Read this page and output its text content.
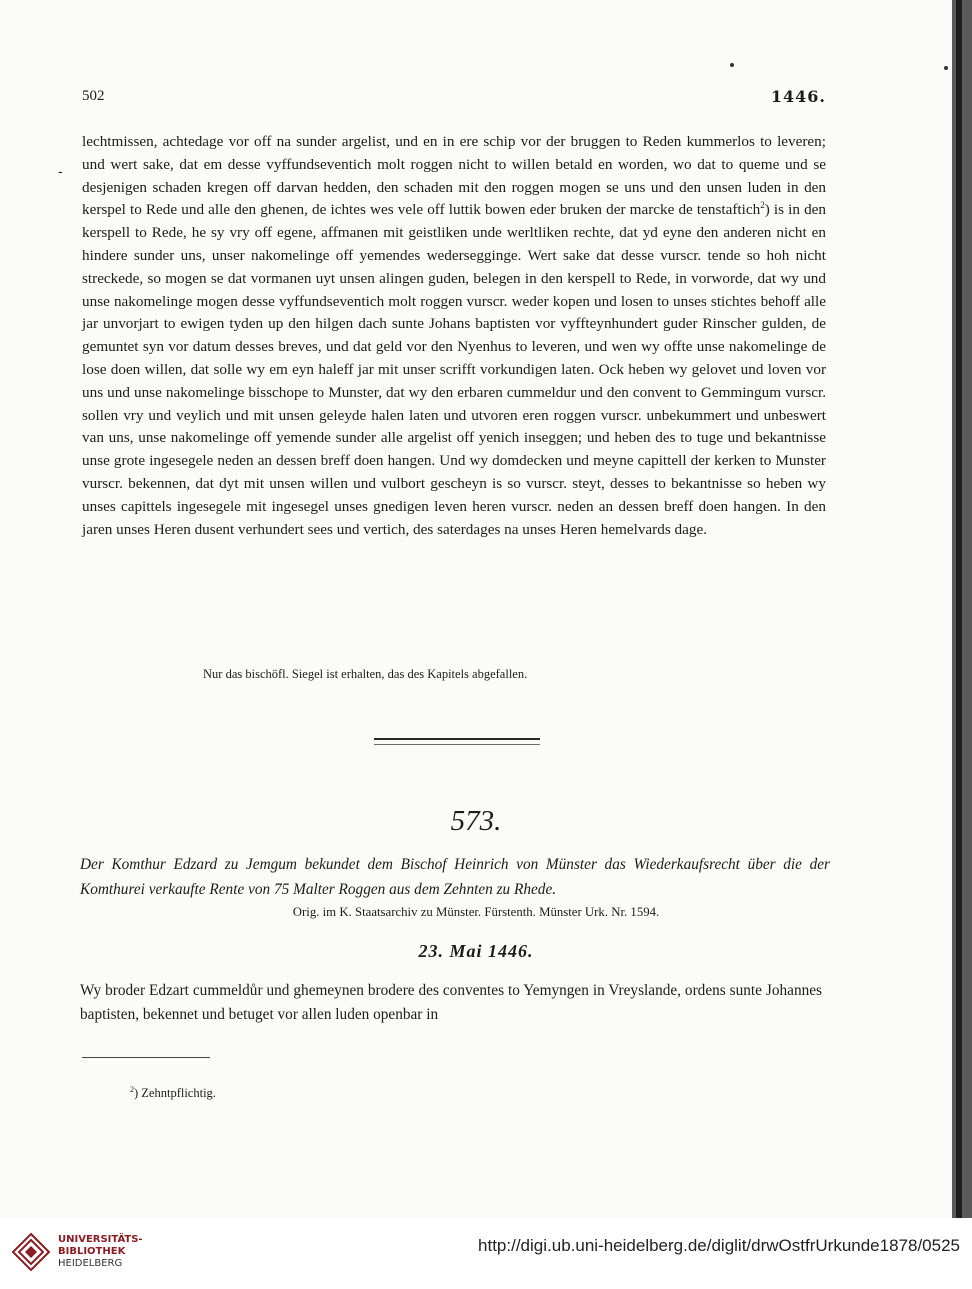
502	1446.
-
lechtmissen, achtedage vor off na sunder argelist, und en in ere schip vor der bruggen to Reden kummerlos to leveren; und wert sake, dat em desse vyffundseventich molt roggen nicht to willen betald en worden, wo dat to queme und se desjenigen schaden kregen off darvan hedden, den schaden mit den roggen mogen se uns und den unsen luden in den kerspel to Rede und alle den ghenen, de ichtes wes vele off luttik bowen eder bruken der marcke de tenstaftich$^2$) is in den kerspell to Rede, he sy vry off egene, affmanen mit geistliken unde werltliken rechte, dat yd eyne den anderen nicht en hindere sunder uns, unser nakomelinge off yemendes wedersegginge. Wert sake dat desse vurscr. tende so hoh nicht streckede, so mogen se dat vormanen uyt unsen alingen guden, belegen in den kerspell to Rede, in vorworde, dat wy und unse nakomelinge mogen desse vyffundseventich molt roggen vurscr. weder kopen und losen to unses stichtes behoff alle jar unvorjart to ewigen tyden up den hilgen dach sunte Johans baptisten vor vyffteynhundert guder Rinscher gulden, de gemuntet syn vor datum desses breves, und dat geld vor den Nyenhus to leveren, und wen wy offte unse nakomelinge de lose doen willen, dat solle wy em eyn haleff jar mit unser scrifft vorkundigen laten. Ock heben wy gelovet und loven vor uns und unse nakomelinge bisschope to Munster, dat wy den erbaren cummeldur und den convent to Gemmingum vurscr. sollen vry und veylich und mit unsen geleyde halen laten und utvoren eren roggen vurscr. unbekummert und unbeswert van uns, unse nakomelinge off yemende sunder alle argelist off yenich inseggen; und heben des to tuge und bekantnisse unse grote ingesegele neden an dessen breff doen hangen. Und wy domdecken und meyne capittell der kerken to Munster vurscr. bekennen, dat dyt mit unsen willen und vulbort gescheyn is so vurscr. steyt, desses to bekantnisse so heben wy unses capittels ingesegele mit ingesegel unses gnedigen leven heren vurscr. neden an dessen breff doen hangen. In den jaren unses Heren dusent verhundert sees und vertich, des saterdages na unses Heren hemelvards dage.
Nur das bischöfl. Siegel ist erhalten, das des Kapitels abgefallen.
573.
Der Komthur Edzard zu Jemgum bekundet dem Bischof Heinrich von Münster das Wiederkaufsrecht über die der Komthurei verkaufte Rente von 75 Malter Roggen aus dem Zehnten zu Rhede.
Orig. im K. Staatsarchiv zu Münster. Fürstenth. Münster Urk. Nr. 1594.
23. Mai 1446.
Wy broder Edzart cummeldůr und ghemeynen brodere des conventes to Yemyngen in Vreyslande, ordens sunte Johannes baptisten, bekennet und betuget vor allen luden openbar in
$^2$) Zehntpflichtig.
UNIVERSITÄTS-
BIBLIOTHEK
HEIDELBERG
http://digi.ub.uni-heidelberg.de/diglit/drwOstfrUrkunde1878/0525
